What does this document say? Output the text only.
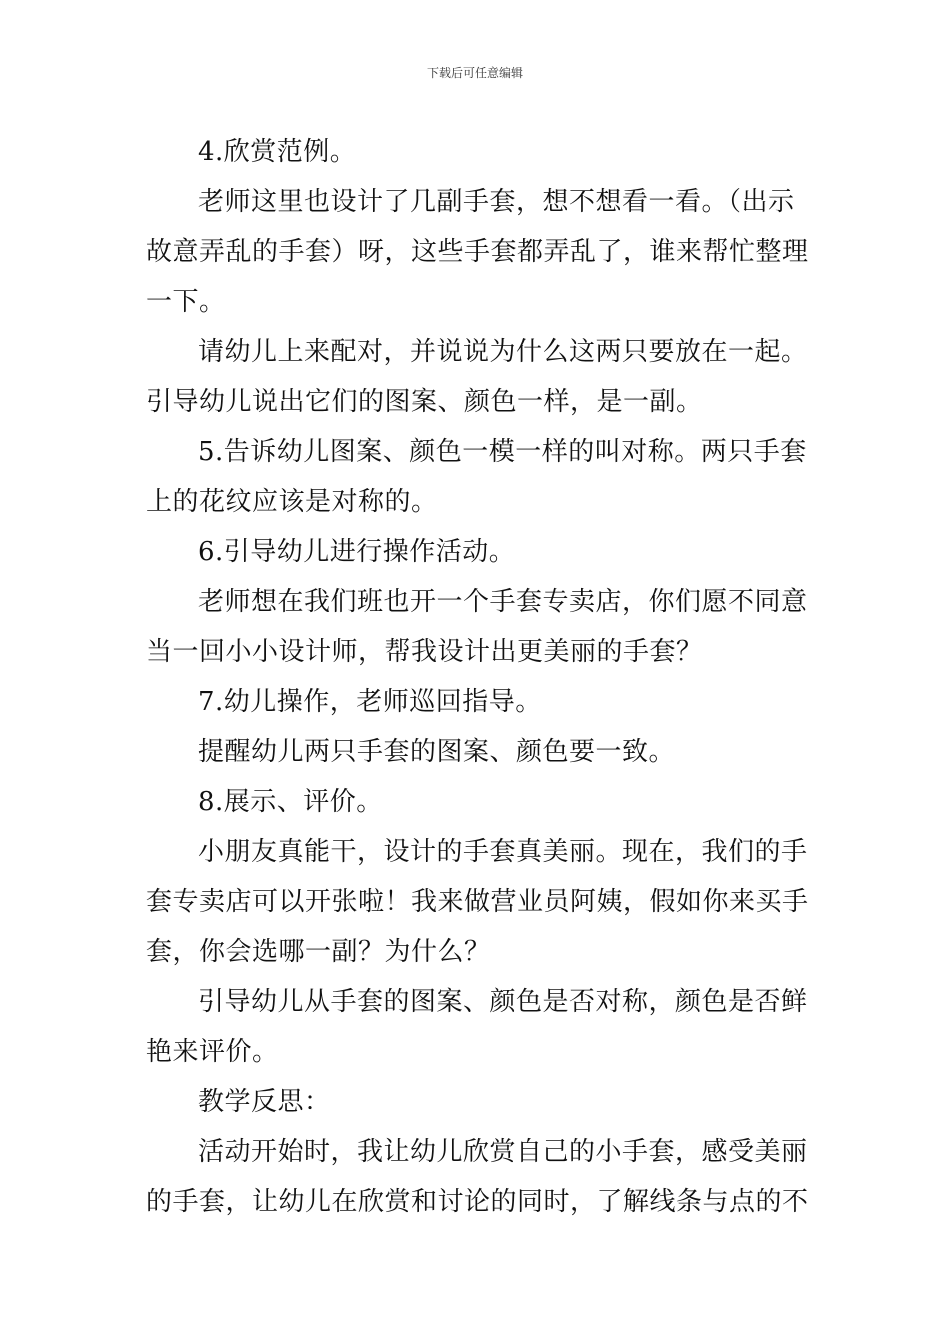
下载后可任意编辑

4.欣赏范例。

老师这里也设计了几副手套，想不想看一看。（出示故意弄乱的手套）呀，这些手套都弄乱了，谁来帮忙整理一下。

请幼儿上来配对，并说说为什么这两只要放在一起。引导幼儿说出它们的图案、颜色一样，是一副。

5.告诉幼儿图案、颜色一模一样的叫对称。两只手套上的花纹应该是对称的。

6.引导幼儿进行操作活动。

老师想在我们班也开一个手套专卖店，你们愿不同意当一回小小设计师，帮我设计出更美丽的手套？

7.幼儿操作，老师巡回指导。

提醒幼儿两只手套的图案、颜色要一致。

8.展示、评价。

小朋友真能干，设计的手套真美丽。现在，我们的手套专卖店可以开张啦！我来做营业员阿姨，假如你来买手套，你会选哪一副？为什么？

引导幼儿从手套的图案、颜色是否对称，颜色是否鲜艳来评价。

教学反思：

活动开始时，我让幼儿欣赏自己的小手套，感受美丽的手套，让幼儿在欣赏和讨论的同时，了解线条与点的不
